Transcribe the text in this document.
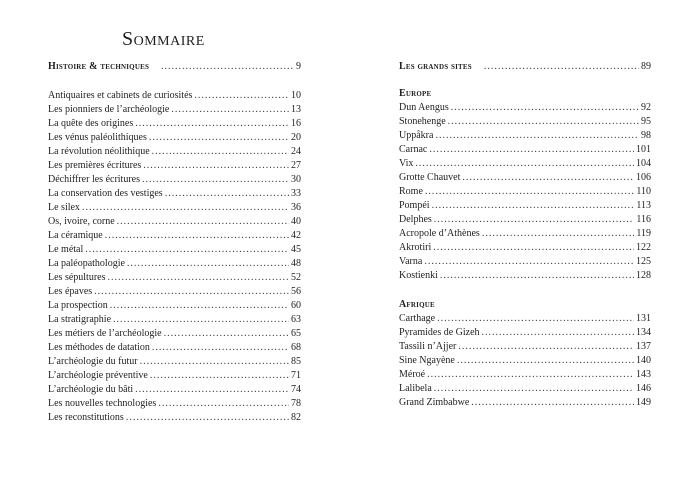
Sommaire
Histoire & techniques . . .	9
Antiquaires et cabinets de curiosités . . .	10
Les pionniers de l’archéologie . . .	13
La quête des origines . . .	16
Les vénus paléolithiques . . .	20
La révolution néolithique . . .	24
Les premières écritures . . .	27
Déchiffrer les écritures . . .	30
La conservation des vestiges . . .	33
Le silex . . .	36
Os, ivoire, corne . . .	40
La céramique . . .	42
Le métal . . .	45
La paléopathologie . . .	48
Les sépultures . . .	52
Les épaves . . .	56
La prospection . . .	60
La stratigraphie . . .	63
Les métiers de l’archéologie . . .	65
Les méthodes de datation . . .	68
L’archéologie du futur . . .	85
L’archéologie préventive . . .	71
L’archéologie du bâti . . .	74
Les nouvelles technologies . . .	78
Les reconstitutions . . .	82
Les grands sites . . .	89
Europe
Dun Aengus . . .	92
Stonehenge . . .	95
Uppåkra . . .	98
Carnac . . .	101
Vix . . .	104
Grotte Chauvet . . .	106
Rome . . .	110
Pompéi . . .	113
Delphes . . .	116
Acropole d’Athènes . . .	119
Akrotiri . . .	122
Varna . . .	125
Kostienki . . .	128
Afrique
Carthage . . .	131
Pyramides de Gizeh . . .	134
Tassili n’Ajjer . . .	137
Sine Ngayène . . .	140
Méroé . . .	143
Lalibela . . .	146
Grand Zimbabwe . . .	149
